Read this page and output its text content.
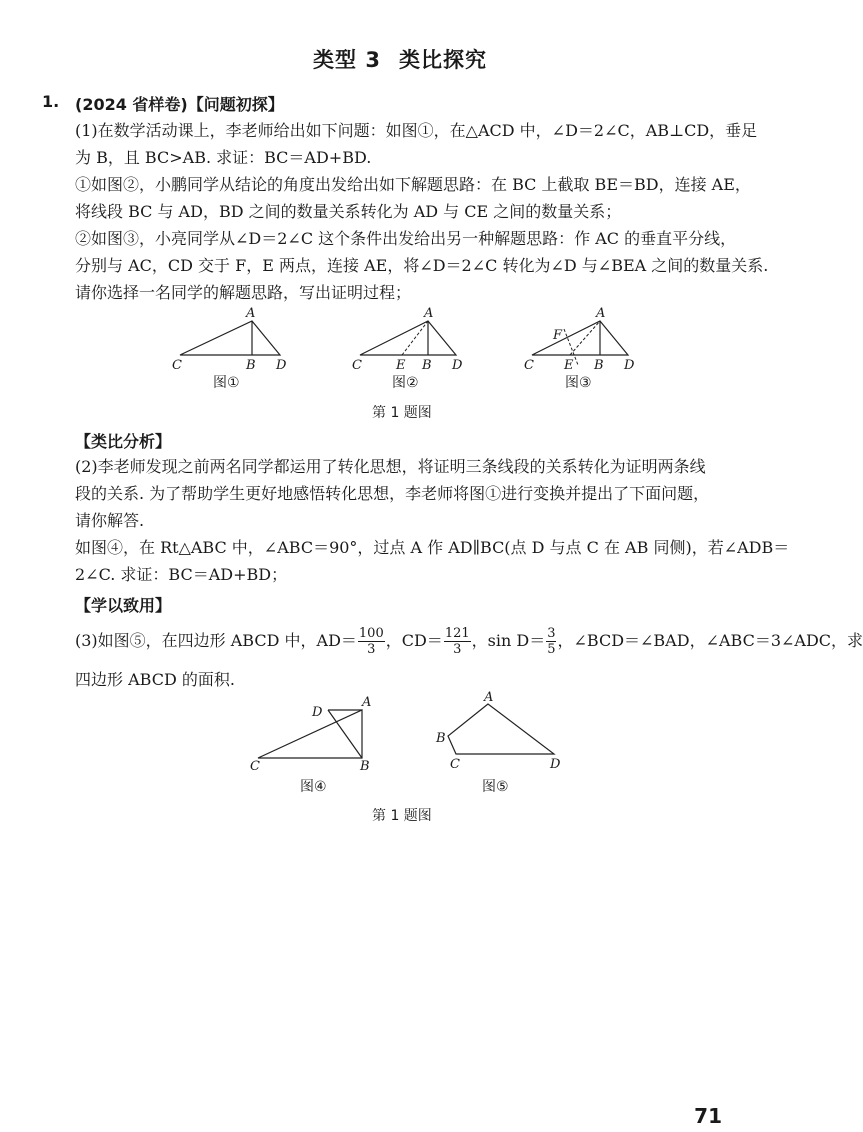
类型 3 类比探究
1. (2024 省样卷)【问题初探】
(1)在数学活动课上，李老师给出如下问题：如图①，在△ACD 中，∠D＝2∠C，AB⊥CD，垂足
为 B，且 BC>AB. 求证：BC＝AD+BD.
①如图②，小鹏同学从结论的角度出发给出如下解题思路：在 BC 上截取 BE＝BD，连接 AE，
将线段 BC 与 AD，BD 之间的数量关系转化为 AD 与 CE 之间的数量关系；
②如图③，小亮同学从∠D＝2∠C 这个条件出发给出另一种解题思路：作 AC 的垂直平分线，
分别与 AC，CD 交于 F，E 两点，连接 AE，将∠D＝2∠C 转化为∠D 与∠BEA 之间的数量关系.
请你选择一名同学的解题思路，写出证明过程；
A
C	B D
A
C	E B D
A
F
C E B D
图①	图②	图③
第 1 题图
【类比分析】
(2)李老师发现之前两名同学都运用了转化思想，将证明三条线段的关系转化为证明两条线
段的关系. 为了帮助学生更好地感悟转化思想，李老师将图①进行变换并提出了下面问题，
请你解答.
如图④，在 Rt△ABC 中，∠ABC＝90°，过点 A 作 AD∥BC(点 D 与点 C 在 AB 同侧)，若∠ADB＝
2∠C. 求证：BC＝AD+BD；
【学以致用】
(3)如图⑤，在四边形 ABCD 中，$AD= \frac{100}{3}$ ，$CD= \frac{121}{3}$ ，$\sin D= \frac{3}{5}$ ，∠BCD＝∠BAD，∠ABC＝3∠ADC，求
四边形 ABCD 的面积.
A
D
C	B
A
B
C	D
图④	图⑤
第 1 题图
71
